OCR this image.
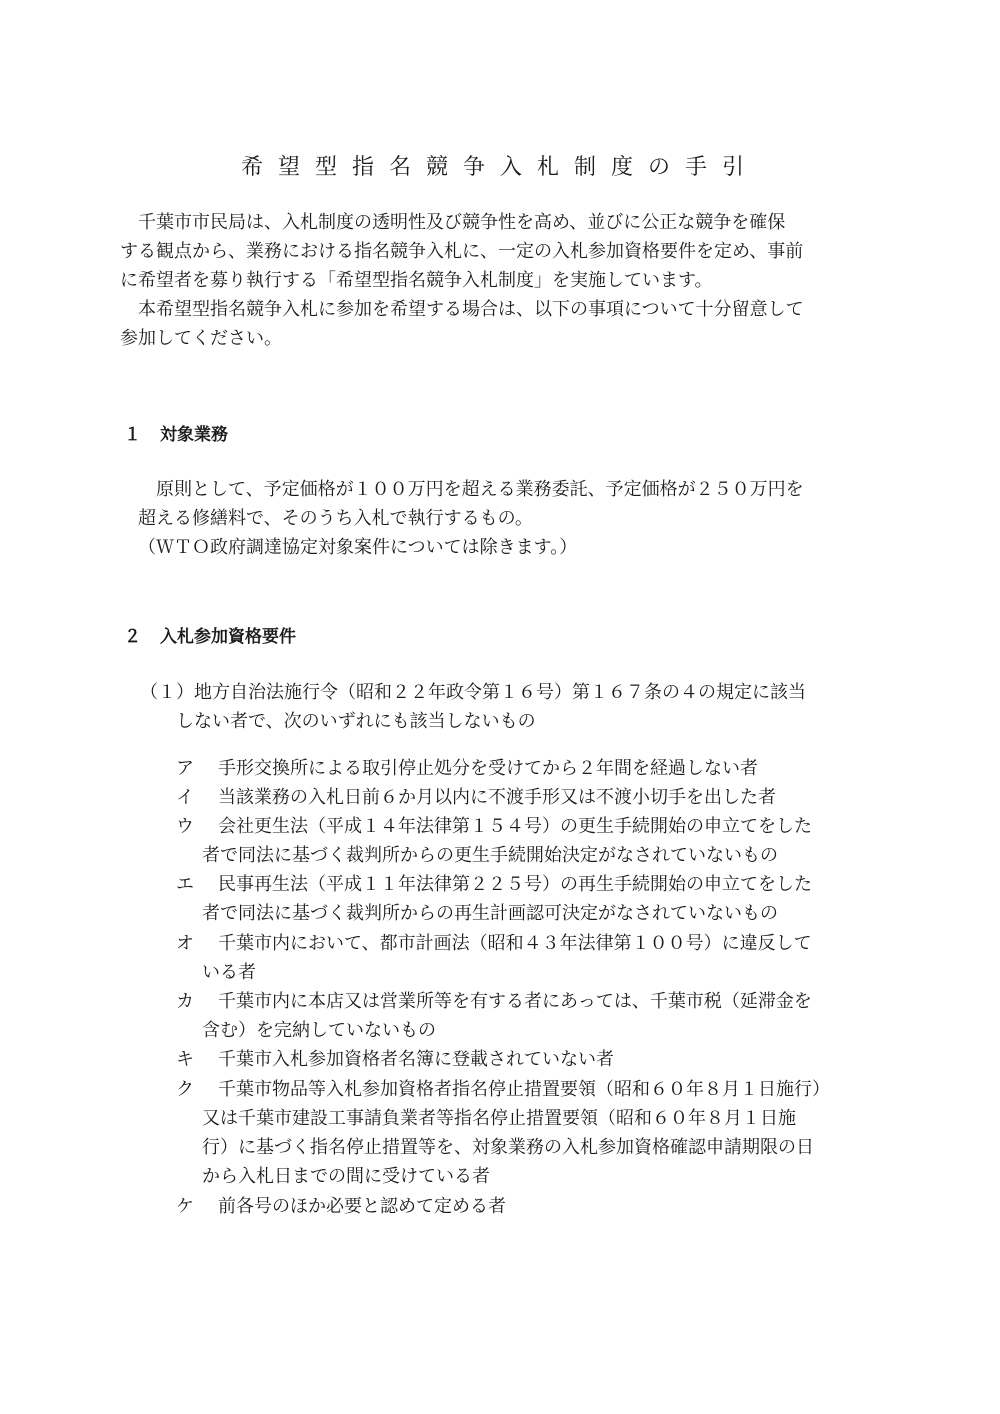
希望型指名競争入札制度の手引
　千葉市市民局は、入札制度の透明性及び競争性を高め、並びに公正な競争を確保
する観点から、業務における指名競争入札に、一定の入札参加資格要件を定め、事前
に希望者を募り執行する「希望型指名競争入札制度」を実施しています。
　本希望型指名競争入札に参加を希望する場合は、以下の事項について十分留意して
参加してください。
１ 対象業務
　原則として、予定価格が１００万円を超える業務委託、予定価格が２５０万円を
超える修繕料で、そのうち入札で執行するもの。
（ＷＴＯ政府調達協定対象案件については除きます。）
２ 入札参加資格要件
（１）地方自治法施行令（昭和２２年政令第１６号）第１６７条の４の規定に該当
　　しない者で、次のいずれにも該当しないもの
ア 手形交換所による取引停止処分を受けてから２年間を経過しない者
イ 当該業務の入札日前６か月以内に不渡手形又は不渡小切手を出した者
ウ 会社更生法（平成１４年法律第１５４号）の更生手続開始の申立てをした
者で同法に基づく裁判所からの更生手続開始決定がなされていないもの
エ 民事再生法（平成１１年法律第２２５号）の再生手続開始の申立てをした
者で同法に基づく裁判所からの再生計画認可決定がなされていないもの
オ 千葉市内において、都市計画法（昭和４３年法律第１００号）に違反して
いる者
カ 千葉市内に本店又は営業所等を有する者にあっては、千葉市税（延滞金を
含む）を完納していないもの
キ 千葉市入札参加資格者名簿に登載されていない者
ク 千葉市物品等入札参加資格者指名停止措置要領（昭和６０年８月１日施行）
又は千葉市建設工事請負業者等指名停止措置要領（昭和６０年８月１日施
行）に基づく指名停止措置等を、対象業務の入札参加資格確認申請期限の日
から入札日までの間に受けている者
ケ 前各号のほか必要と認めて定める者
